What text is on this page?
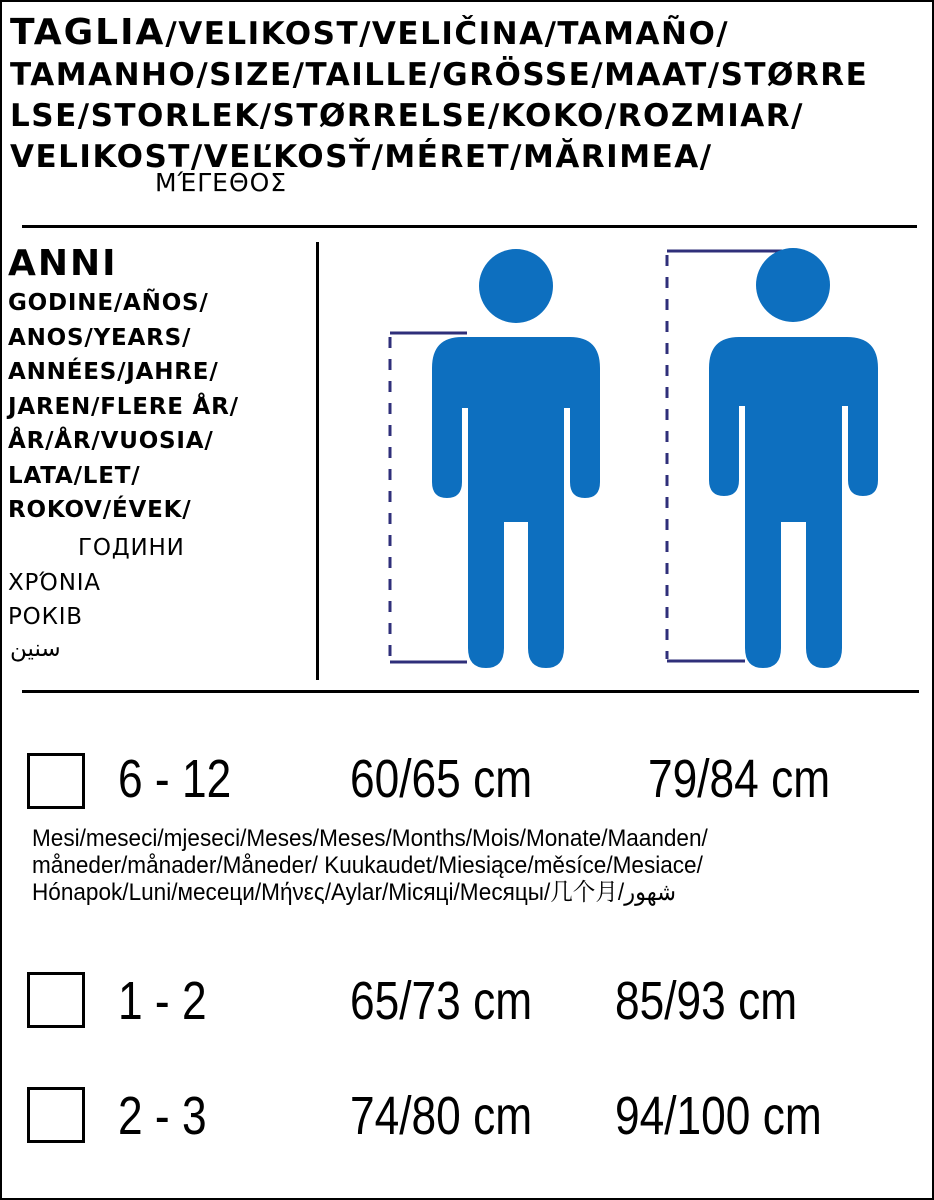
TAGLIA/VELIKOST/VELIČINA/TAMAÑO/
TAMANHO/SIZE/TAILLE/GRÖSSE/MAAT/STØRRE
LSE/STORLEK/STØRRELSE/KOKO/ROZMIAR/
VELIKOST/VEĽKOSŤ/MÉRET/MĂRIMEA/
ΜΈΓΕΘΟΣ
ANNI
GODINE/AÑOS/
ANOS/YEARS/
ANNÉES/JAHRE/
JAREN/FLERE ÅR/
ÅR/ÅR/VUOSIA/
LATA/LET/
ROKOV/ÉVEK/
ГОДИНИ
ΧΡΌΝΙΑ
РОКІВ
سنين
6 - 12 60/65 cm 79/84 cm
Mesi/meseci/mjeseci/Meses/Meses/Months/Mois/Monate/Maanden/
måneder/månader/Måneder/ Kuukaudet/Miesiące/měsíce/Mesiace/
Hónapok/Luni/месеци/Μήνες/Aylar/Місяці/Месяцы/几个月/شهور
1 - 2	65/73 cm 85/93 cm
2 - 3	74/80 cm 94/100 cm
